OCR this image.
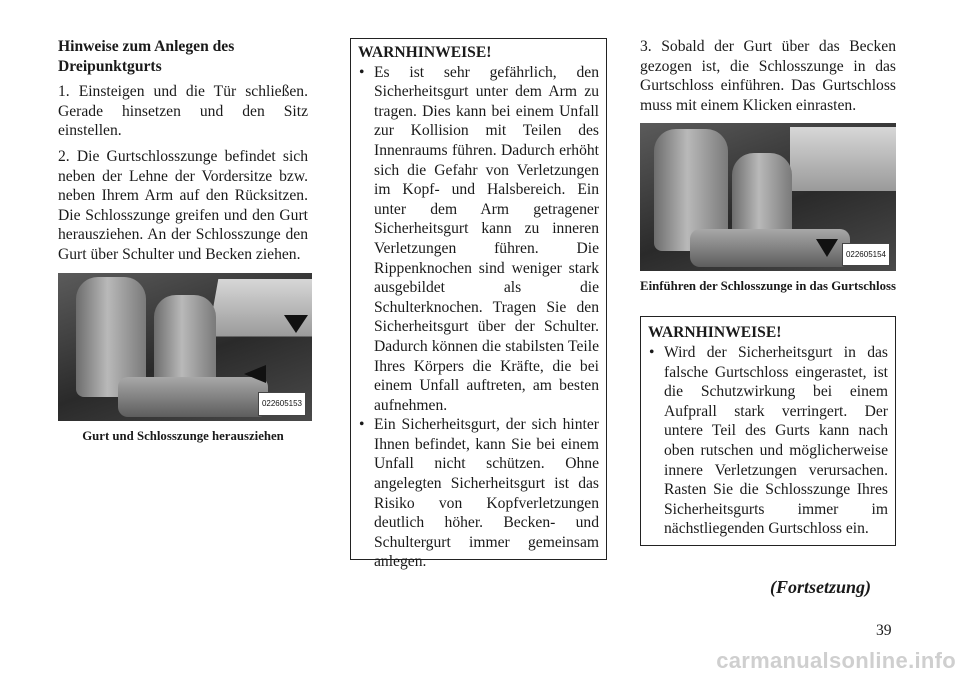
Hinweise zum Anlegen des Dreipunktgurts

1. Einsteigen und die Tür schließen. Gerade hinsetzen und den Sitz einstellen.

2. Die Gurtschlosszunge befindet sich neben der Lehne der Vordersitze bzw. neben Ihrem Arm auf den Rücksitzen. Die Schlosszunge greifen und den Gurt herausziehen. An der Schlosszunge den Gurt über Schulter und Becken ziehen.

022605153
Gurt und Schlosszunge herausziehen

WARNHINWEISE!

• Es ist sehr gefährlich, den Sicherheitsgurt unter dem Arm zu tragen. Dies kann bei einem Unfall zur Kollision mit Teilen des Innenraums führen. Dadurch erhöht sich die Gefahr von Verletzungen im Kopf- und Halsbereich. Ein unter dem Arm getragener Sicherheitsgurt kann zu inneren Verletzungen führen. Die Rippenknochen sind weniger stark ausgebildet als die Schulterknochen. Tragen Sie den Sicherheitsgurt über der Schulter. Dadurch können die stabilsten Teile Ihres Körpers die Kräfte, die bei einem Unfall auftreten, am besten aufnehmen.
• Ein Sicherheitsgurt, der sich hinter Ihnen befindet, kann Sie bei einem Unfall nicht schützen. Ohne angelegten Sicherheitsgurt ist das Risiko von Kopfverletzungen deutlich höher. Becken- und Schultergurt immer gemeinsam anlegen.

3. Sobald der Gurt über das Becken gezogen ist, die Schlosszunge in das Gurtschloss einführen. Das Gurtschloss muss mit einem Klicken einrasten.

022605154
Einführen der Schlosszunge in das Gurtschloss

WARNHINWEISE!

• Wird der Sicherheitsgurt in das falsche Gurtschloss eingerastet, ist die Schutzwirkung bei einem Aufprall stark verringert. Der untere Teil des Gurts kann nach oben rutschen und möglicherweise innere Verletzungen verursachen. Rasten Sie die Schlosszunge Ihres Sicherheitsgurts immer im nächstliegenden Gurtschloss ein.
(Fortsetzung)
39
carmanualsonline.info
